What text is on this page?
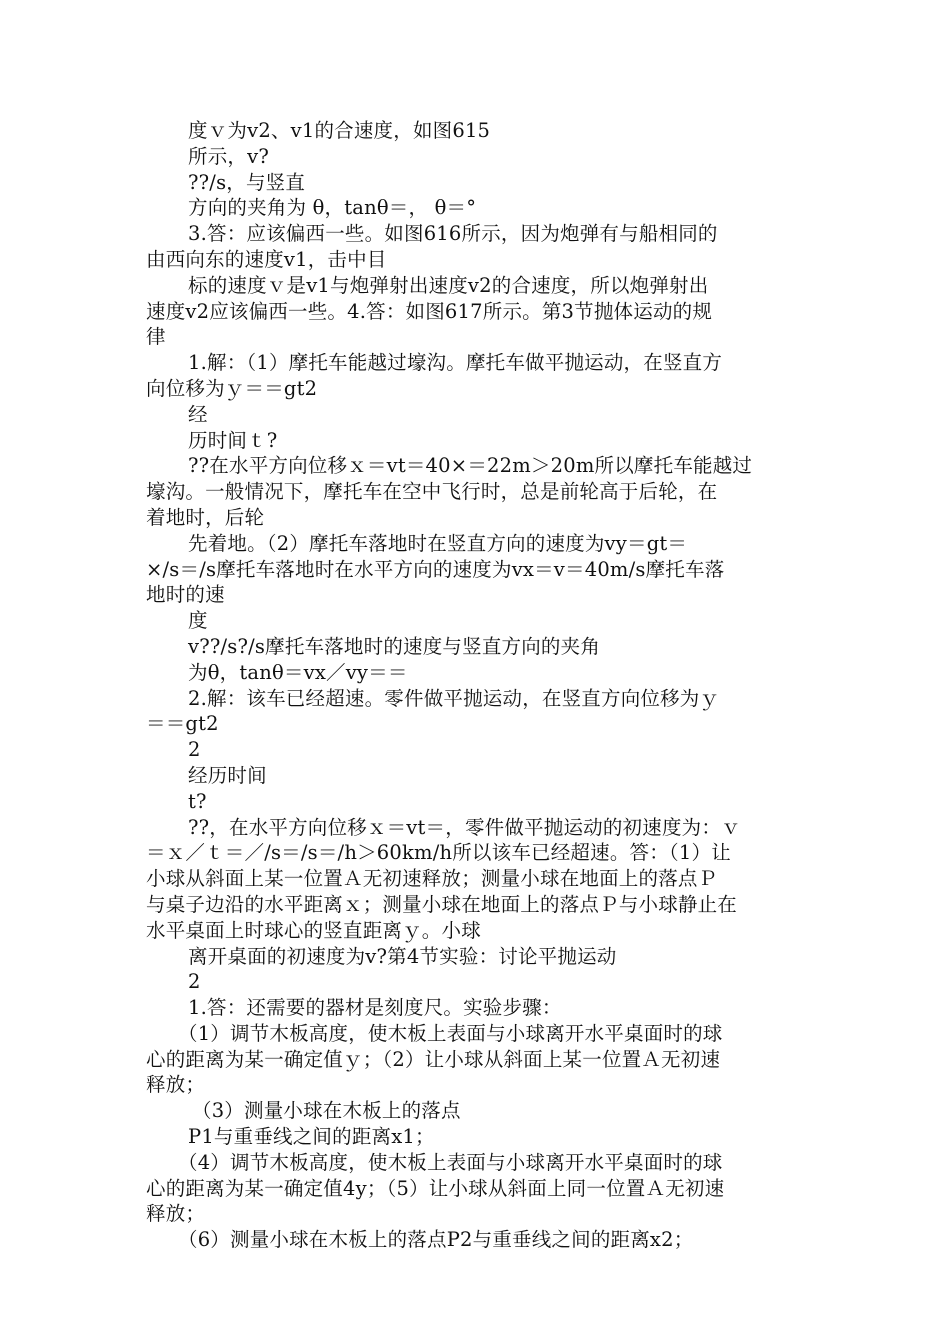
度ｖ为v2、v1的合速度，如图615
所示，v?
??/s，与竖直
方向的夹角为 θ，tanθ＝， θ＝°
3.答：应该偏西一些。如图616所示，因为炮弹有与船相同的
由西向东的速度v1，击中目
标的速度ｖ是v1与炮弹射出速度v2的合速度，所以炮弹射出
速度v2应该偏西一些。4.答：如图617所示。第3节抛体运动的规
律
1.解：（1）摩托车能越过壕沟。摩托车做平抛运动，在竖直方
向位移为ｙ＝＝gt2
经
历时间ｔ?
??在水平方向位移ｘ＝vt＝40×＝22m＞20m所以摩托车能越过
壕沟。一般情况下，摩托车在空中飞行时，总是前轮高于后轮，在
着地时，后轮
先着地。（2）摩托车落地时在竖直方向的速度为vy＝gt＝
×/s＝/s摩托车落地时在水平方向的速度为vx＝v＝40m/s摩托车落
地时的速
度
v??/s?/s摩托车落地时的速度与竖直方向的夹角
为θ，tanθ＝vx／vy＝＝
2.解：该车已经超速。零件做平抛运动，在竖直方向位移为ｙ
＝＝gt2
2
经历时间
t?
??，在水平方向位移ｘ＝vt＝，零件做平抛运动的初速度为：ｖ
＝ｘ／ｔ＝／/s＝/s＝/h＞60km/h所以该车已经超速。答：（1）让
小球从斜面上某一位置Ａ无初速释放；测量小球在地面上的落点Ｐ
与桌子边沿的水平距离ｘ；测量小球在地面上的落点Ｐ与小球静止在
水平桌面上时球心的竖直距离ｙ。小球
离开桌面的初速度为v?第4节实验：讨论平抛运动
2
1.答：还需要的器材是刻度尺。实验步骤：
（1）调节木板高度，使木板上表面与小球离开水平桌面时的球
心的距离为某一确定值ｙ；（2）让小球从斜面上某一位置Ａ无初速
释放；
（3）测量小球在木板上的落点
P1与重垂线之间的距离x1；
（4）调节木板高度，使木板上表面与小球离开水平桌面时的球
心的距离为某一确定值4y；（5）让小球从斜面上同一位置Ａ无初速
释放；
（6）测量小球在木板上的落点P2与重垂线之间的距离x2；
